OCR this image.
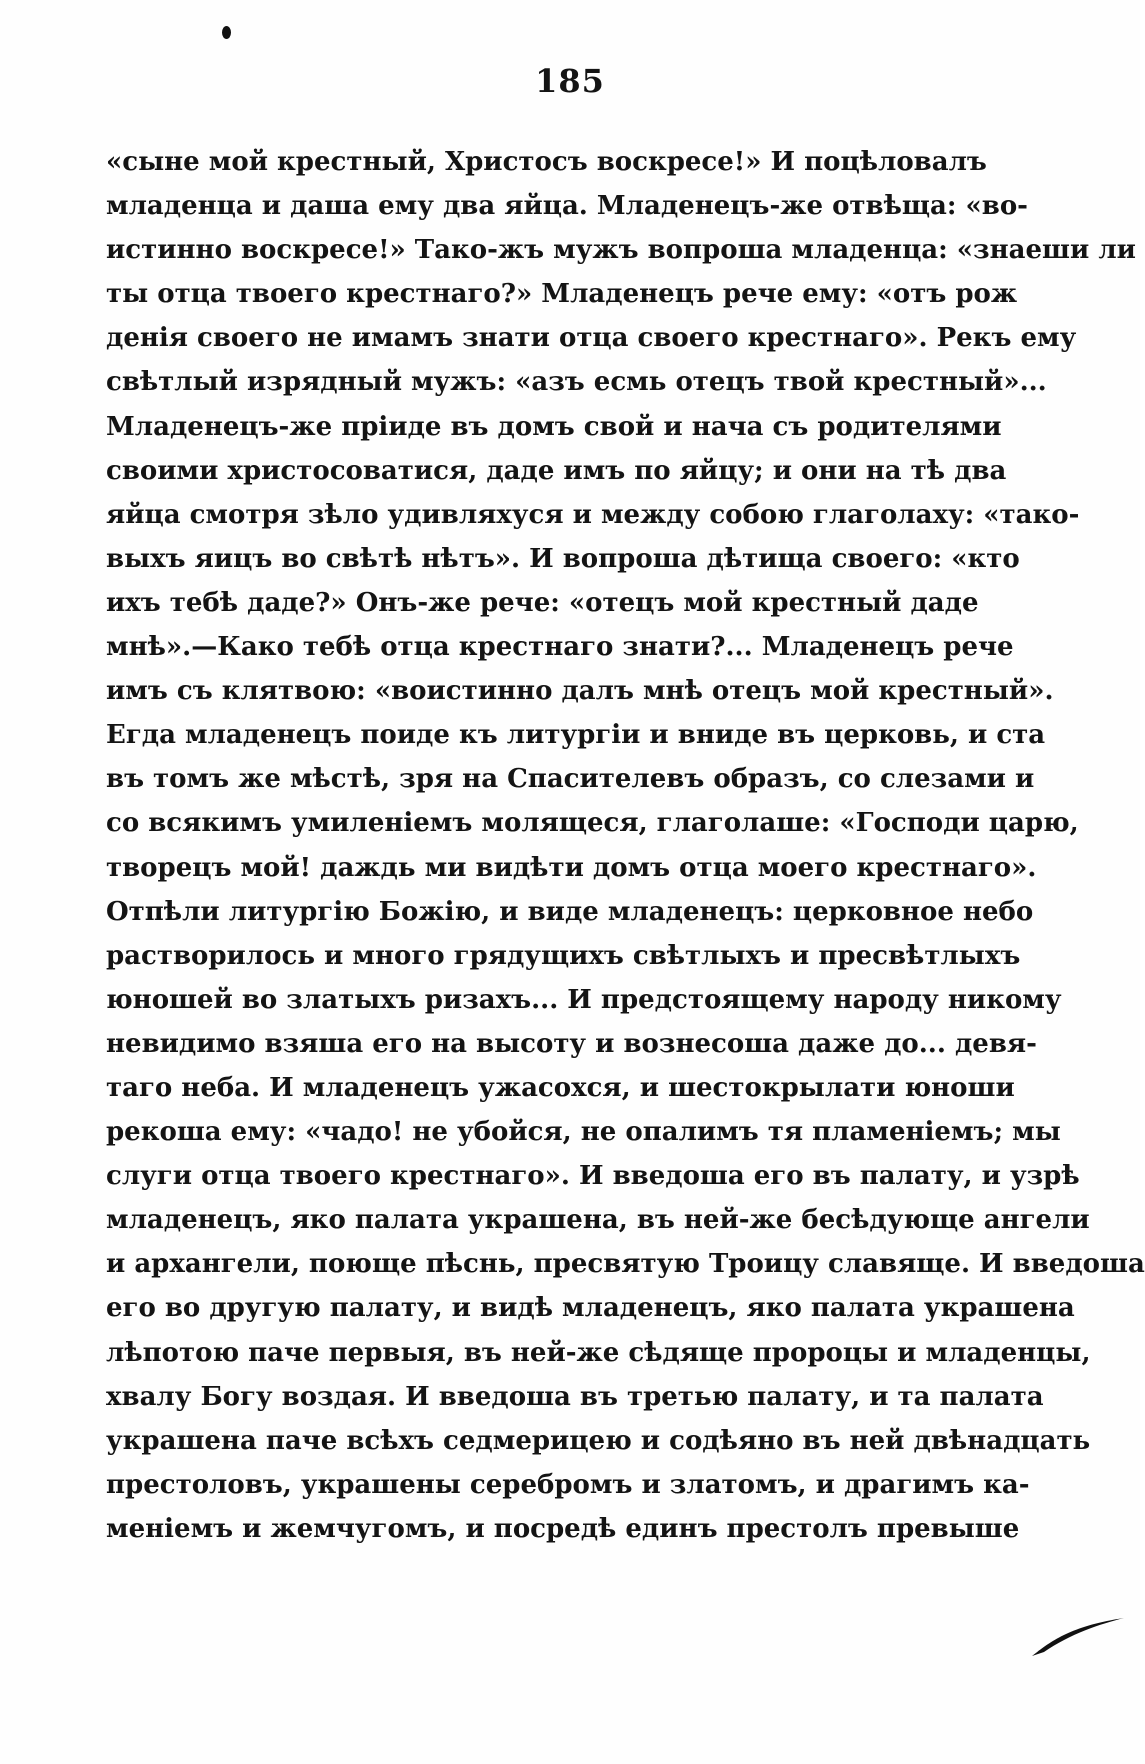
185
«сыне мой крестный, Христосъ воскресе!» И поцѣловалъ
младенца и даша ему два яйца. Младенецъ-же отвѣща: «во-
истинно воскресе!» Тако-жъ мужъ вопроша младенца: «знаеши ли
ты отца твоего крестнаго?» Младенецъ рече ему: «отъ рож
денія своего не имамъ знати отца своего крестнаго». Рекъ ему
свѣтлый изрядный мужъ: «азъ есмь отецъ твой крестный»...
Младенецъ-же пріиде въ домъ свой и нача съ родителями
своими христосоватися, даде имъ по яйцу; и они на тѣ два
яйца смотря зѣло удивляхуся и между собою глаголаху: «тако-
выхъ яицъ во свѣтѣ нѣтъ». И вопроша дѣтища своего: «кто
ихъ тебѣ даде?» Онъ-же рече: «отецъ мой крестный даде
мнѣ».—Како тебѣ отца крестнаго знати?... Младенецъ рече
имъ съ клятвою: «воистинно далъ мнѣ отецъ мой крестный».
Егда младенецъ поиде къ литургіи и вниде въ церковь, и ста
въ томъ же мѣстѣ, зря на Спасителевъ образъ, со слезами и
со всякимъ умиленіемъ молящеся, глаголаше: «Господи царю,
творецъ мой! даждь ми видѣти домъ отца моего крестнаго».
Отпѣли литургію Божію, и виде младенецъ: церковное небо
растворилось и много грядущихъ свѣтлыхъ и пресвѣтлыхъ
юношей во златыхъ ризахъ... И предстоящему народу никому
невидимо взяша его на высоту и вознесоша даже до... девя-
таго неба. И младенецъ ужасохся, и шестокрылати юноши
рекоша ему: «чадо! не убойся, не опалимъ тя пламеніемъ; мы
слуги отца твоего крестнаго». И введоша его въ палату, и узрѣ
младенецъ, яко палата украшена, въ ней-же бесѣдующе ангели
и архангели, поюще пѣснь, пресвятую Троицу славяще. И введоша
его во другую палату, и видѣ младенецъ, яко палата украшена
лѣпотою паче первыя, въ ней-же сѣдяще пророцы и младенцы,
хвалу Богу воздая. И введоша въ третью палату, и та палата
украшена паче всѣхъ седмерицею и содѣяно въ ней двѣнадцать
престоловъ, украшены серебромъ и златомъ, и драгимъ ка-
меніемъ и жемчугомъ, и посредѣ единъ престолъ превыше
